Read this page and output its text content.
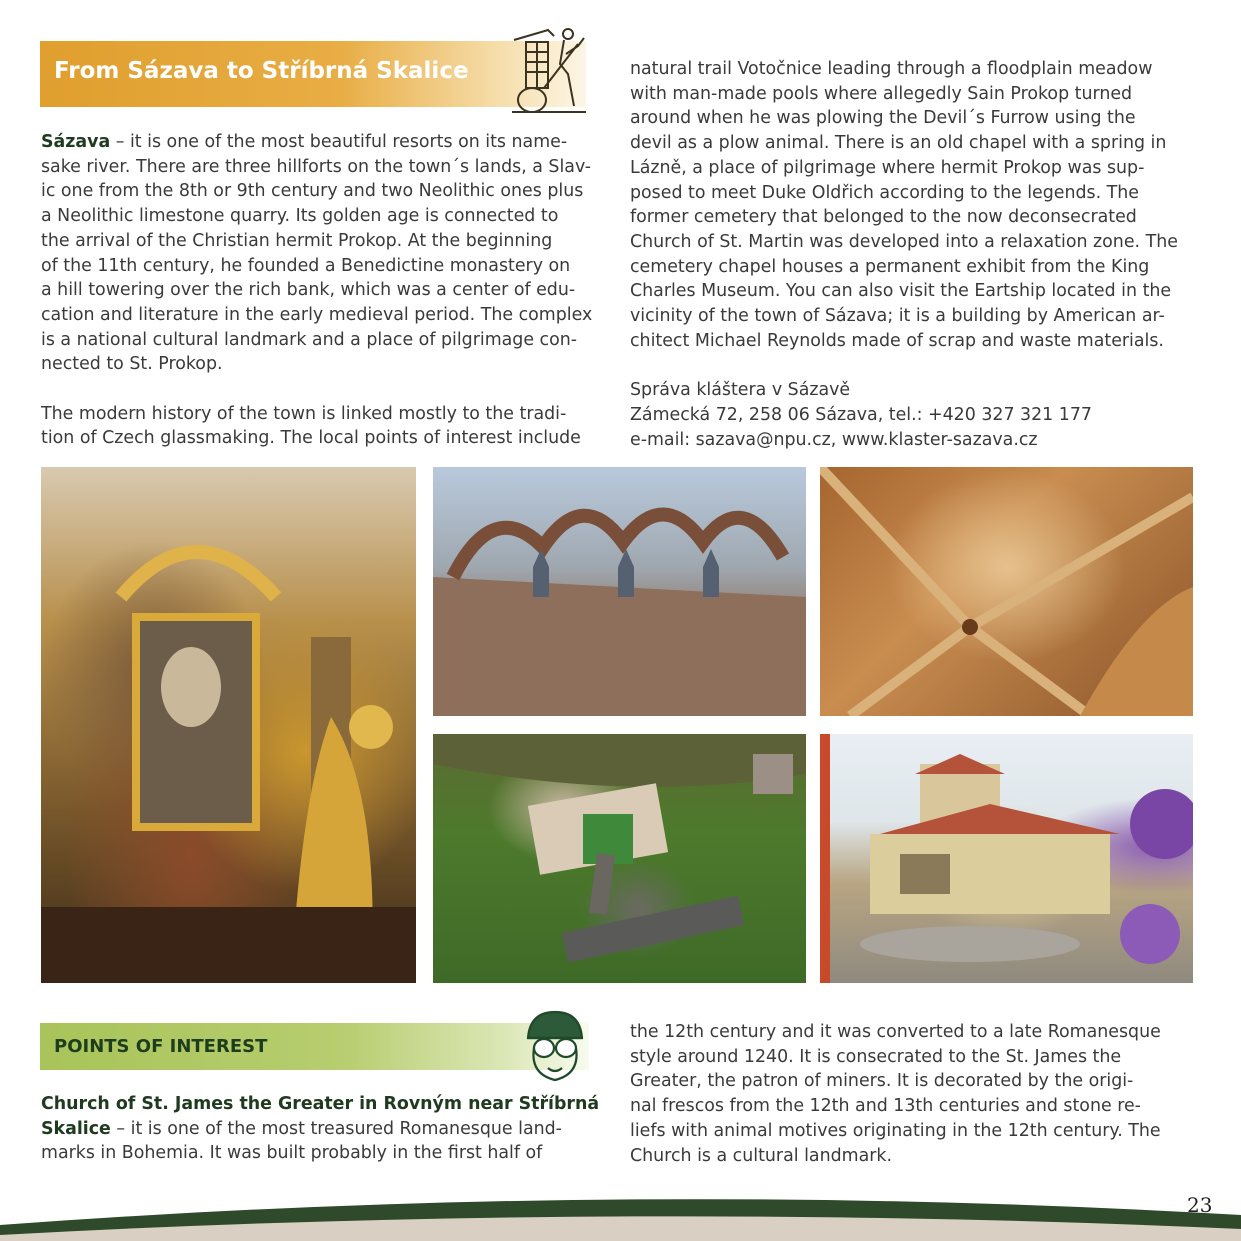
From Sázava to Stříbrná Skalice

Sázava – it is one of the most beautiful resorts on its name-
sake river. There are three hillforts on the town´s lands, a Slav-
ic one from the 8th or 9th century and two Neolithic ones plus
a Neolithic limestone quarry. Its golden age is connected to
the arrival of the Christian hermit Prokop. At the beginning
of the 11th century, he founded a Benedictine monastery on
a hill towering over the rich bank, which was a center of edu-
cation and literature in the early medieval period. The complex
is a national cultural landmark and a place of pilgrimage con-
nected to St. Prokop.

The modern history of the town is linked mostly to the tradi-
tion of Czech glassmaking. The local points of interest include

natural trail Votočnice leading through a floodplain meadow
with man-made pools where allegedly Sain Prokop turned
around when he was plowing the Devil´s Furrow using the
devil as a plow animal. There is an old chapel with a spring in
Lázně, a place of pilgrimage where hermit Prokop was sup-
posed to meet Duke Oldřich according to the legends. The
former cemetery that belonged to the now deconsecrated
Church of St. Martin was developed into a relaxation zone. The
cemetery chapel houses a permanent exhibit from the King
Charles Museum. You can also visit the Eartship located in the
vicinity of the town of Sázava; it is a building by American ar-
chitect Michael Reynolds made of scrap and waste materials.

Správa kláštera v Sázavě
Zámecká 72, 258 06 Sázava, tel.: +420 327 321 177
e-mail: sazava@npu.cz, www.klaster-sazava.cz

POINTS OF INTEREST

Church of St. James the Greater in Rovným near Stříbrná
Skalice – it is one of the most treasured Romanesque land-
marks in Bohemia. It was built probably in the first half of

the 12th century and it was converted to a late Romanesque
style around 1240. It is consecrated to the St. James the
Greater, the patron of miners. It is decorated by the origi-
nal frescos from the 12th and 13th centuries and stone re-
liefs with animal motives originating in the 12th century. The
Church is a cultural landmark.

23
